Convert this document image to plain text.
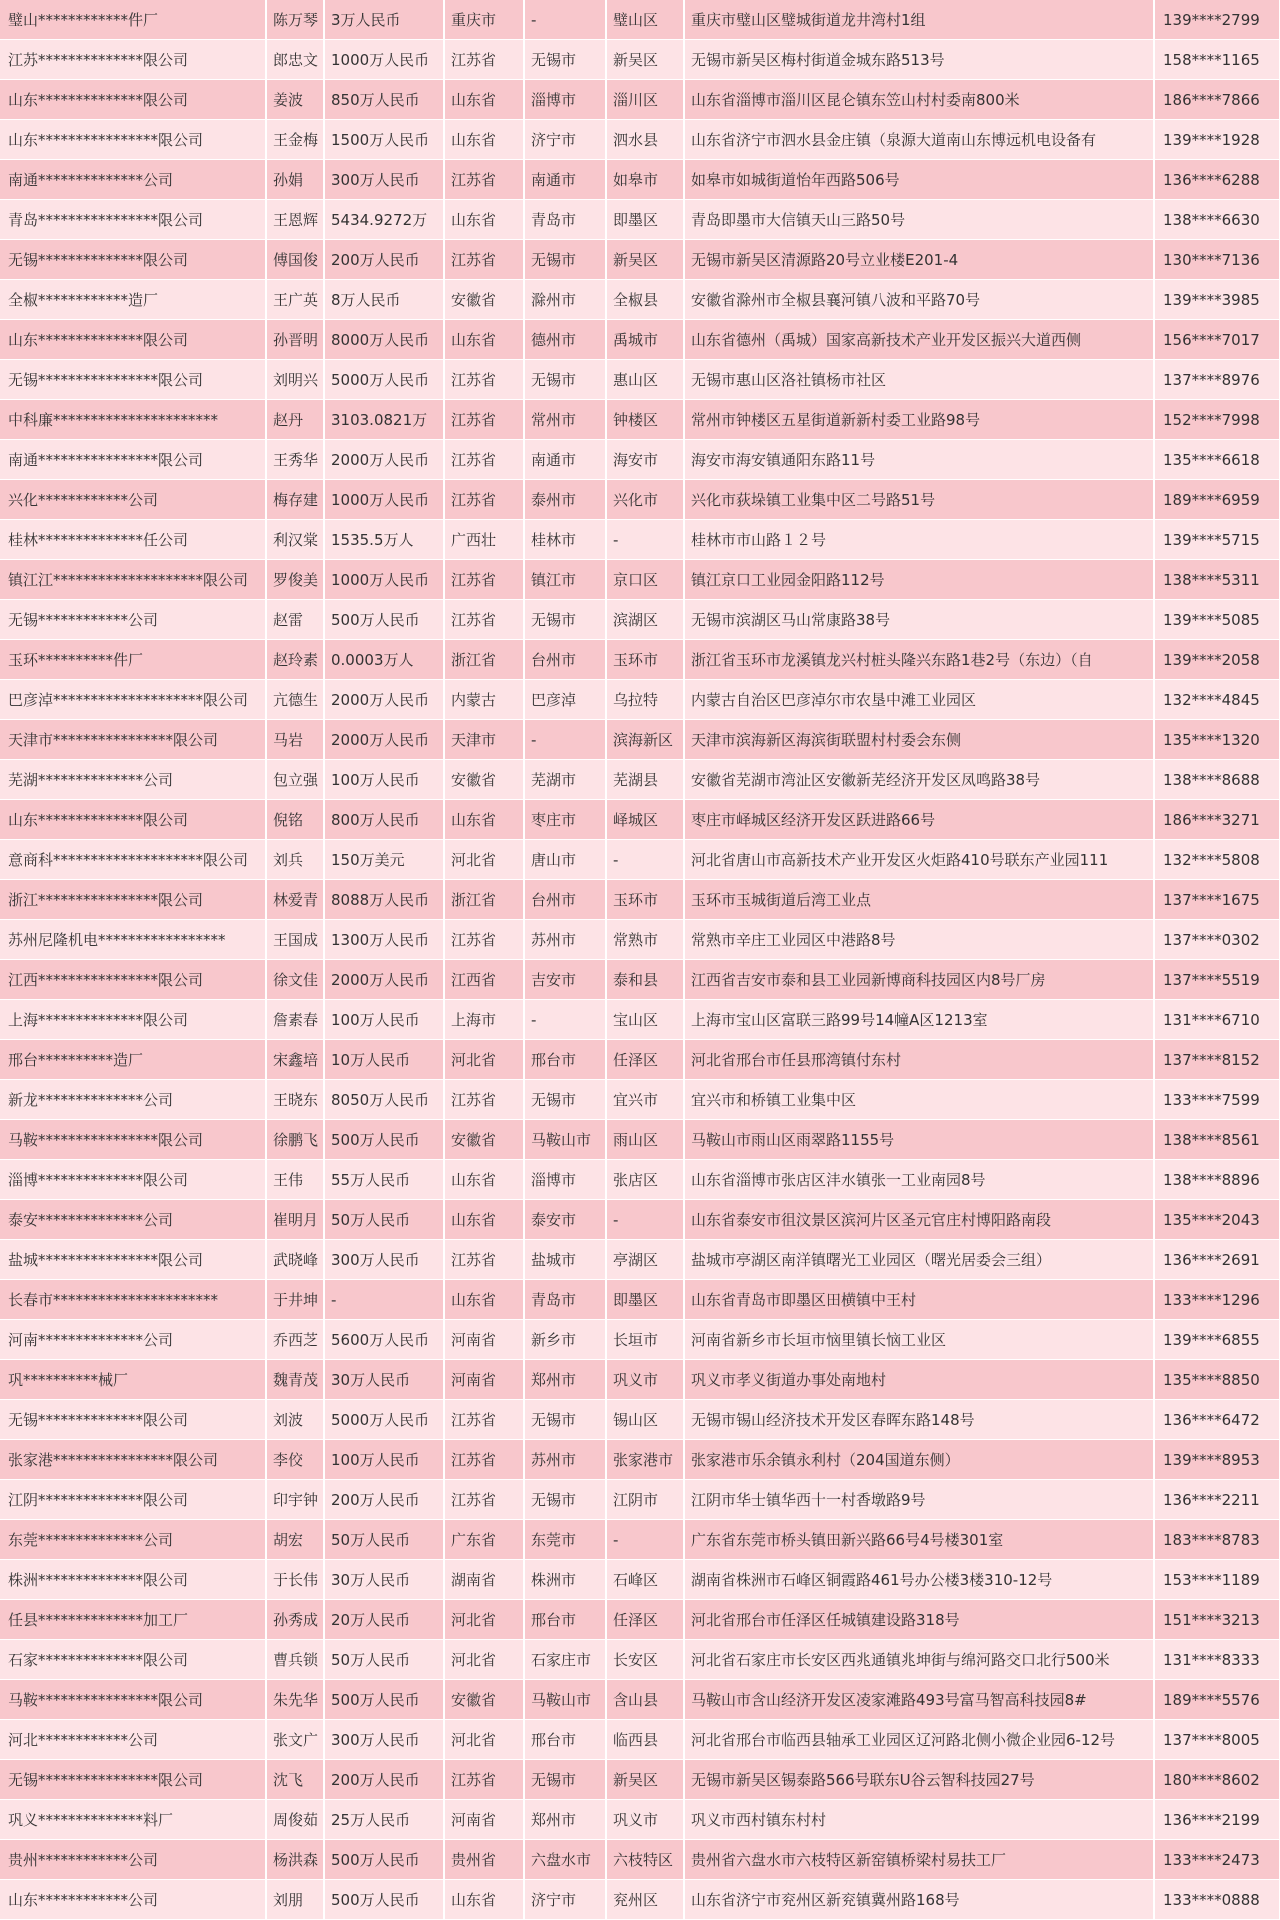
璧山************件厂	陈万琴	3万人民币	重庆市	-	璧山区	重庆市璧山区璧城街道龙井湾村1组	139****2799
江苏**************限公司	郎忠文	1000万人民币	江苏省	无锡市	新吴区	无锡市新吴区梅村街道金城东路513号	158****1165
山东**************限公司	姜波	850万人民币	山东省	淄博市	淄川区	山东省淄博市淄川区昆仑镇东笠山村村委南800米	186****7866
山东****************限公司	王金梅	1500万人民币	山东省	济宁市	泗水县	山东省济宁市泗水县金庄镇（泉源大道南山东博远机电设备有	139****1928
南通**************公司	孙娟	300万人民币	江苏省	南通市	如皋市	如皋市如城街道怡年西路506号	136****6288
青岛****************限公司	王恩辉	5434.9272万	山东省	青岛市	即墨区	青岛即墨市大信镇天山三路50号	138****6630
无锡**************限公司	傅国俊	200万人民币	江苏省	无锡市	新吴区	无锡市新吴区清源路20号立业楼E201-4	130****7136
全椒************造厂	王广英	8万人民币	安徽省	滁州市	全椒县	安徽省滁州市全椒县襄河镇八波和平路70号	139****3985
山东**************限公司	孙晋明	8000万人民币	山东省	德州市	禹城市	山东省德州（禹城）国家高新技术产业开发区振兴大道西侧	156****7017
无锡****************限公司	刘明兴	5000万人民币	江苏省	无锡市	惠山区	无锡市惠山区洛社镇杨市社区	137****8976
中科廉**********************	赵丹	3103.0821万	江苏省	常州市	钟楼区	常州市钟楼区五星街道新新村委工业路98号	152****7998
南通****************限公司	王秀华	2000万人民币	江苏省	南通市	海安市	海安市海安镇通阳东路11号	135****6618
兴化************公司	梅存建	1000万人民币	江苏省	泰州市	兴化市	兴化市荻垛镇工业集中区二号路51号	189****6959
桂林**************任公司	利汉棠	1535.5万人	广西壮	桂林市	-	桂林市市山路１２号	139****5715
镇江江********************限公司	罗俊美	1000万人民币	江苏省	镇江市	京口区	镇江京口工业园金阳路112号	138****5311
无锡************公司	赵雷	500万人民币	江苏省	无锡市	滨湖区	无锡市滨湖区马山常康路38号	139****5085
玉环**********件厂	赵玲素	0.0003万人	浙江省	台州市	玉环市	浙江省玉环市龙溪镇龙兴村桩头隆兴东路1巷2号（东边）（自	139****2058
巴彦淖********************限公司	亢德生	2000万人民币	内蒙古	巴彦淖	乌拉特	内蒙古自治区巴彦淖尔市农垦中滩工业园区	132****4845
天津市****************限公司	马岩	2000万人民币	天津市	-	滨海新区	天津市滨海新区海滨街联盟村村委会东侧	135****1320
芜湖**************公司	包立强	100万人民币	安徽省	芜湖市	芜湖县	安徽省芜湖市湾沚区安徽新芜经济开发区凤鸣路38号	138****8688
山东**************限公司	倪铭	800万人民币	山东省	枣庄市	峄城区	枣庄市峄城区经济开发区跃进路66号	186****3271
意商科********************限公司	刘兵	150万美元	河北省	唐山市	-	河北省唐山市高新技术产业开发区火炬路410号联东产业园111	132****5808
浙江****************限公司	林爱青	8088万人民币	浙江省	台州市	玉环市	玉环市玉城街道后湾工业点	137****1675
苏州尼隆机电*****************	王国成	1300万人民币	江苏省	苏州市	常熟市	常熟市辛庄工业园区中港路8号	137****0302
江西****************限公司	徐文佳	2000万人民币	江西省	吉安市	泰和县	江西省吉安市泰和县工业园新博商科技园区内8号厂房	137****5519
上海**************限公司	詹素春	100万人民币	上海市	-	宝山区	上海市宝山区富联三路99号14幢A区1213室	131****6710
邢台**********造厂	宋鑫培	10万人民币	河北省	邢台市	任泽区	河北省邢台市任县邢湾镇付东村	137****8152
新龙**************公司	王晓东	8050万人民币	江苏省	无锡市	宜兴市	宜兴市和桥镇工业集中区	133****7599
马鞍****************限公司	徐鹏飞	500万人民币	安徽省	马鞍山市	雨山区	马鞍山市雨山区雨翠路1155号	138****8561
淄博**************限公司	王伟	55万人民币	山东省	淄博市	张店区	山东省淄博市张店区沣水镇张一工业南园8号	138****8896
泰安**************公司	崔明月	50万人民币	山东省	泰安市	-	山东省泰安市徂汶景区滨河片区圣元官庄村博阳路南段	135****2043
盐城****************限公司	武晓峰	300万人民币	江苏省	盐城市	亭湖区	盐城市亭湖区南洋镇曙光工业园区（曙光居委会三组）	136****2691
长春市**********************	于井坤	-	山东省	青岛市	即墨区	山东省青岛市即墨区田横镇中王村	133****1296
河南**************公司	乔西芝	5600万人民币	河南省	新乡市	长垣市	河南省新乡市长垣市恼里镇长恼工业区	139****6855
巩**********械厂	魏青茂	30万人民币	河南省	郑州市	巩义市	巩义市孝义街道办事处南地村	135****8850
无锡**************限公司	刘波	5000万人民币	江苏省	无锡市	锡山区	无锡市锡山经济技术开发区春晖东路148号	136****6472
张家港****************限公司	李佼	100万人民币	江苏省	苏州市	张家港市	张家港市乐余镇永利村（204国道东侧）	139****8953
江阴**************限公司	印宇钟	200万人民币	江苏省	无锡市	江阴市	江阴市华士镇华西十一村香墩路9号	136****2211
东莞**************公司	胡宏	50万人民币	广东省	东莞市	-	广东省东莞市桥头镇田新兴路66号4号楼301室	183****8783
株洲**************限公司	于长伟	30万人民币	湖南省	株洲市	石峰区	湖南省株洲市石峰区铜霞路461号办公楼3楼310-12号	153****1189
任县**************加工厂	孙秀成	20万人民币	河北省	邢台市	任泽区	河北省邢台市任泽区任城镇建设路318号	151****3213
石家**************限公司	曹兵锁	50万人民币	河北省	石家庄市	长安区	河北省石家庄市长安区西兆通镇兆坤街与绵河路交口北行500米	131****8333
马鞍****************限公司	朱先华	500万人民币	安徽省	马鞍山市	含山县	马鞍山市含山经济开发区凌家滩路493号富马智高科技园8#	189****5576
河北************公司	张文广	300万人民币	河北省	邢台市	临西县	河北省邢台市临西县轴承工业园区辽河路北侧小微企业园6-12号	137****8005
无锡****************限公司	沈飞	200万人民币	江苏省	无锡市	新吴区	无锡市新吴区锡泰路566号联东U谷云智科技园27号	180****8602
巩义**************料厂	周俊茹	25万人民币	河南省	郑州市	巩义市	巩义市西村镇东村村	136****2199
贵州************公司	杨洪森	500万人民币	贵州省	六盘水市	六枝特区	贵州省六盘水市六枝特区新窑镇桥梁村易扶工厂	133****2473
山东************公司	刘朋	500万人民币	山东省	济宁市	兖州区	山东省济宁市兖州区新兖镇冀州路168号	133****0888
